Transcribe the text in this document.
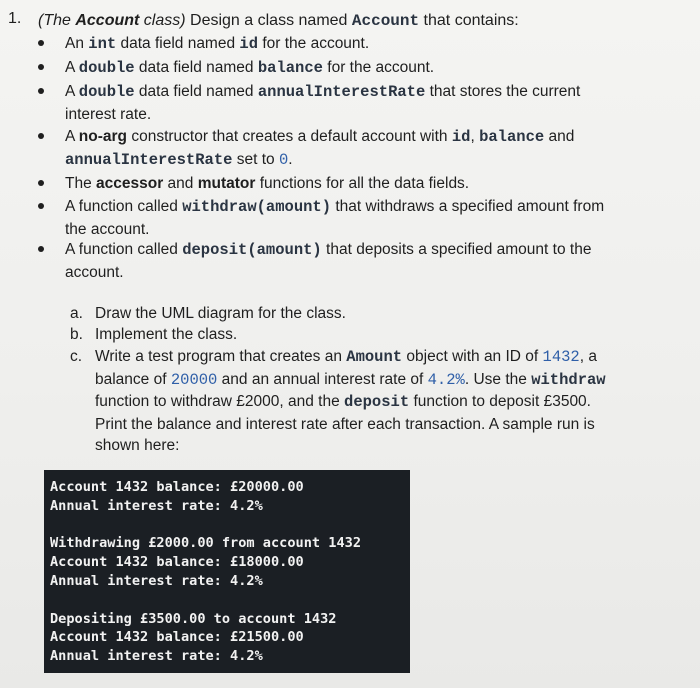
1. (The Account class) Design a class named Account that contains:
An int data field named id for the account.
A double data field named balance for the account.
A double data field named annualInterestRate that stores the current
interest rate.
A no-arg constructor that creates a default account with id, balance and
annualInterestRate set to 0.
The accessor and mutator functions for all the data fields.
A function called withdraw(amount) that withdraws a specified amount from
the account.
A function called deposit(amount) that deposits a specified amount to the
account.
a. Draw the UML diagram for the class.
b. Implement the class.
c. Write a test program that creates an Amount object with an ID of 1432, a
balance of 20000 and an annual interest rate of 4.2%. Use the withdraw
function to withdraw £2000, and the deposit function to deposit £3500.
Print the balance and interest rate after each transaction. A sample run is
shown here:
Account 1432 balance: £20000.00
Annual interest rate: 4.2%
Withdrawing £2000.00 from account 1432
Account 1432 balance: £18000.00
Annual interest rate: 4.2%
Depositing £3500.00 to account 1432
Account 1432 balance: £21500.00
Annual interest rate: 4.2%
